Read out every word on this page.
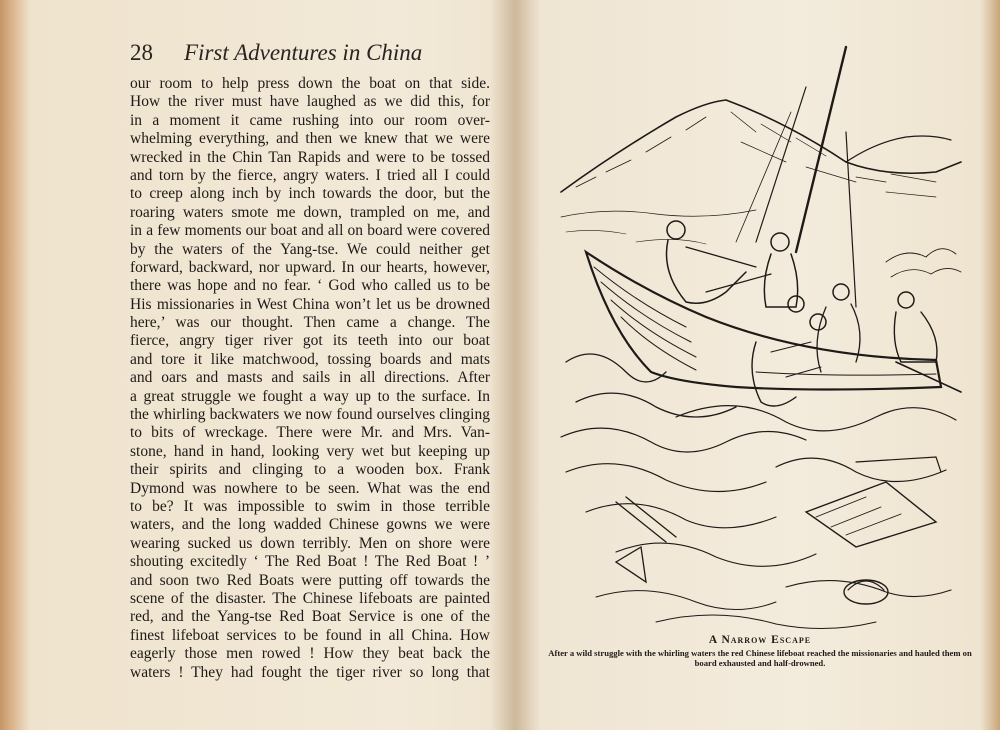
28 First Adventures in China
our room to help press down the boat on that side.
How the river must have laughed as we did this, for
in a moment it came rushing into our room over-
whelming everything, and then we knew that we were
wrecked in the Chin Tan Rapids and were to be tossed
and torn by the fierce, angry waters. I tried all I could
to creep along inch by inch towards the door, but the
roaring waters smote me down, trampled on me, and
in a few moments our boat and all on board were covered
by the waters of the Yang-tse. We could neither get
forward, backward, nor upward. In our hearts, however,
there was hope and no fear. ‘ God who called us to be
His missionaries in West China won’t let us be drowned
here,’ was our thought. Then came a change. The
fierce, angry tiger river got its teeth into our boat
and tore it like matchwood, tossing boards and mats
and oars and masts and sails in all directions. After
a great struggle we fought a way up to the surface. In
the whirling backwaters we now found ourselves clinging
to bits of wreckage. There were Mr. and Mrs. Van-
stone, hand in hand, looking very wet but keeping up
their spirits and clinging to a wooden box. Frank
Dymond was nowhere to be seen. What was the end
to be? It was impossible to swim in those terrible
waters, and the long wadded Chinese gowns we were
wearing sucked us down terribly. Men on shore were
shouting excitedly ‘ The Red Boat ! The Red Boat ! ’
and soon two Red Boats were putting off towards the
scene of the disaster. The Chinese lifeboats are painted
red, and the Yang-tse Red Boat Service is one of the
finest lifeboat services to be found in all China. How
eagerly those men rowed ! How they beat back the
waters ! They had fought the tiger river so long that
A Narrow Escape
After a wild struggle with the whirling waters the red Chinese lifeboat reached the missionaries and hauled them on board exhausted and half-drowned.
